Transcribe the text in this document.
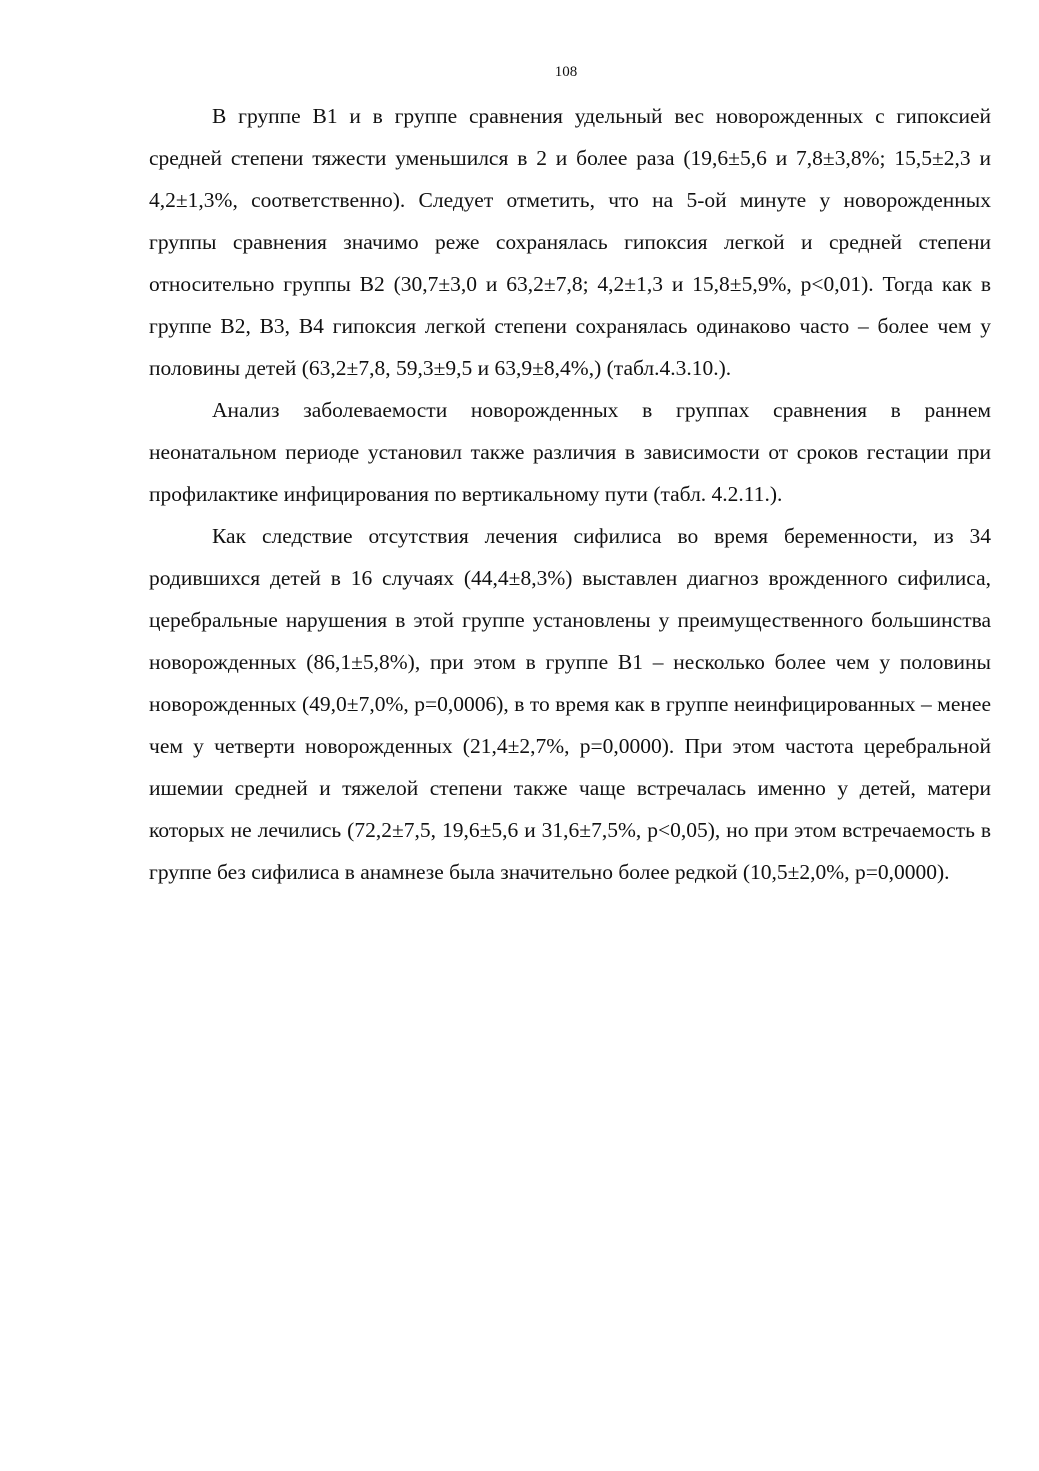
108

В группе В1 и в группе сравнения удельный вес новорожденных с гипоксией средней степени тяжести уменьшился в 2 и более раза (19,6±5,6 и 7,8±3,8%; 15,5±2,3 и 4,2±1,3%, соответственно). Следует отметить, что на 5-ой минуте у новорожденных группы сравнения значимо реже сохранялась гипоксия легкой и средней степени относительно группы В2 (30,7±3,0 и 63,2±7,8; 4,2±1,3 и 15,8±5,9%, р<0,01). Тогда как в группе В2, В3, В4 гипоксия легкой степени сохранялась одинаково часто – более чем у половины детей (63,2±7,8, 59,3±9,5 и 63,9±8,4%,) (табл.4.3.10.).

Анализ заболеваемости новорожденных в группах сравнения в раннем неонатальном периоде установил также различия в зависимости от сроков гестации при профилактике инфицирования по вертикальному пути (табл. 4.2.11.).

Как следствие отсутствия лечения сифилиса во время беременности, из 34 родившихся детей в 16 случаях (44,4±8,3%) выставлен диагноз врожденного сифилиса, церебральные нарушения в этой группе установлены у преимущественного большинства новорожденных (86,1±5,8%), при этом в группе В1 – несколько более чем у половины новорожденных (49,0±7,0%, р=0,0006), в то время как в группе неинфицированных – менее чем у четверти новорожденных (21,4±2,7%, р=0,0000). При этом частота церебральной ишемии средней и тяжелой степени также чаще встречалась именно у детей, матери которых не лечились (72,2±7,5, 19,6±5,6 и 31,6±7,5%, р<0,05), но при этом встречаемость в группе без сифилиса в анамнезе была значительно более редкой (10,5±2,0%, р=0,0000).
